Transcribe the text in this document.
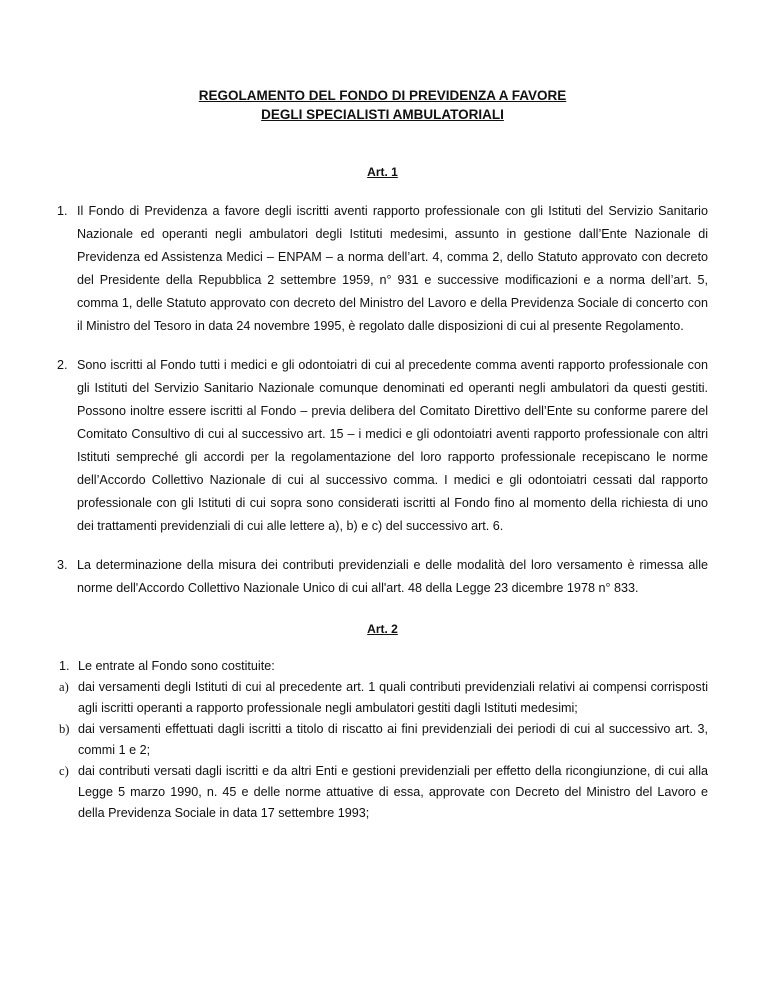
REGOLAMENTO DEL FONDO DI PREVIDENZA A FAVORE
DEGLI SPECIALISTI AMBULATORIALI
Art. 1
1. Il Fondo di Previdenza a favore degli iscritti aventi rapporto professionale con gli Istituti del Servizio Sanitario Nazionale ed operanti negli ambulatori degli Istituti medesimi, assunto in gestione dall’Ente Nazionale di Previdenza ed Assistenza Medici – ENPAM – a norma dell’art. 4, comma 2, dello Statuto approvato con decreto del Presidente della Repubblica 2 settembre 1959, n° 931 e successive modificazioni e a norma dell’art. 5, comma 1, delle Statuto approvato con decreto del Ministro del Lavoro e della Previdenza Sociale di concerto con il Ministro del Tesoro in data 24 novembre 1995, è regolato dalle disposizioni di cui al presente Regolamento.
2. Sono iscritti al Fondo tutti i medici e gli odontoiatri di cui al precedente comma aventi rapporto professionale con gli Istituti del Servizio Sanitario Nazionale comunque denominati ed operanti negli ambulatori da questi gestiti. Possono inoltre essere iscritti al Fondo – previa delibera del Comitato Direttivo dell’Ente su conforme parere del Comitato Consultivo di cui al successivo art. 15 – i medici e gli odontoiatri aventi rapporto professionale con altri Istituti sempreché gli accordi per la regolamentazione del loro rapporto professionale recepiscano le norme dell’Accordo Collettivo Nazionale di cui al successivo comma. I medici e gli odontoiatri cessati dal rapporto professionale con gli Istituti di cui sopra sono considerati iscritti al Fondo fino al momento della richiesta di uno dei trattamenti previdenziali di cui alle lettere a), b) e c) del successivo art. 6.
3. La determinazione della misura dei contributi previdenziali e delle modalità del loro versamento è rimessa alle norme dell'Accordo Collettivo Nazionale Unico di cui all'art. 48 della Legge 23 dicembre 1978 n° 833.
Art. 2
1. Le entrate al Fondo sono costituite:
a) dai versamenti degli Istituti di cui al precedente art. 1 quali contributi previdenziali relativi ai compensi corrisposti agli iscritti operanti a rapporto professionale negli ambulatori gestiti dagli Istituti medesimi;
b) dai versamenti effettuati dagli iscritti a titolo di riscatto ai fini previdenziali dei periodi di cui al successivo art. 3, commi 1 e 2;
c) dai contributi versati dagli iscritti e da altri Enti e gestioni previdenziali per effetto della ricongiunzione, di cui alla Legge 5 marzo 1990, n. 45 e delle norme attuative di essa, approvate con Decreto del Ministro del Lavoro e della Previdenza Sociale in data 17 settembre 1993;
